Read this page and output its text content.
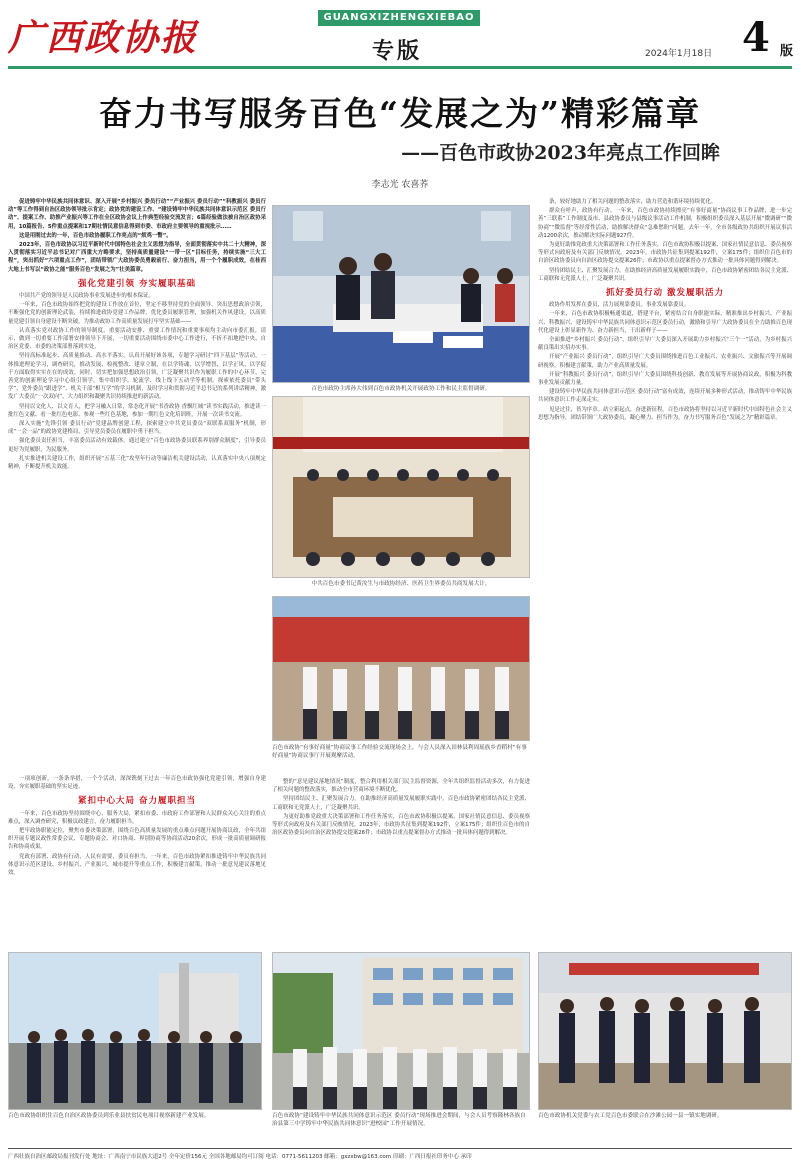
广西政协报	GUANGXIZHENGXIEBAO
专版	2024年1月18日 4 版
奋力书写服务百色“发展之为”精彩篇章
——百色市政协2023年亮点工作回眸
李志光 农喜荞

促进铸牢中华民族共同体意识、深入开展“乡村振兴 委员行动”“产业振兴 委员行动”“科教振兴 委员行动”等工作得到自治区政协领导批示肯定；政协党的建设工作、“建设铸牢中华民族共同体意识示范区 委员行动”、提案工作、助推产业振兴等工作在全区政协会议上作典型经验交流发言；6篇经验做法被自治区政协采用，10篇报告、5件重点提案和17期社情民意信息得到市委、市政府主要领导的重视批示……

这是用刚过去的一年，百色市政协履职工作亮点的“烦鸡一瞥”。

2023年，百色市政协以习近平新时代中国特色社会主义思想为指导，全面贯彻落实中共二十大精神，深入贯彻落实习近平总书记对广西重大方略要求，坚持高质量建设“一带一区”目标任务，持续实施“三大工程”，突出抓好“六项重点工作”，团结带领广大政协委员勇毅前行、奋力担当，用一个个履职成效，在桂西大地上书写以“政协之能”服务百色“发展之为”壮美篇章。

强化党建引领 夯实履职基础

中国共产党的领导是人民政协事业发展进步的根本保证。

一年来，百色市政协始终把党的建设工作放在首位，坚定不移坚持党的全面领导，突出思想政治引领，不断强化党的创新理论武装，持续推进政协党建工作品牌，优化委员履职管理，加强机关作风建设，以高质量党建引领自身建设不断突破，为推动政协工作高质量发展打牢坚实基础——

认真落实党对政协工作的领导制度，重要活动安排、重要工作情况和重要事项均主动向市委汇报，请示，做到一切重要工作部署安排领导下开展，一切重要活动围绕市委中心工作进行，不折不扣地把中央、自治区党委、市委的决策部署落到实处。

坚持高标准起步、高质量推动、高水平落实，认真开展好该各项，专题学习研讨“四下基层”等活动，一体推进理论学习，调查研究，推动发展、检视整改、建章立制，在以学铸魂、以学增智、以学正风、以学促干方面取得实实在在的成效。同时，切实把加强思想政治引领，广泛凝聚共识作为履职工作的中心环节，完善党的创新理论学习中心组引领学，集中组织学，轮流学、线上线下五动学等机制，探索依托委员“带头学”、党外委员“跟进学”、机关干部“相互学”的学习机制，及时学习和贯彻习近平总书记的系列讲话精神，激发广大委员“一次双向”，大力组织和凝聚共识持续推进的新活动。

坚持以文化人、以文育人，把学习融入日常，常态化开展“书香政协 香飘红城”读书实践活动，推进读一批红色文献、看一批红色电影、参观一些红色基地，参加一期红色文化培训班，开展一次读书交流。

深入实施“先锋引领 委员行动”党建品牌创建工程，探索建立中共党员委员“双联系双服务”机制，形成“一会一品”的政协党建格局，引导党员委员在履职中勇于担当。

强化委员责任担当，丰富委员活动有效载体。通过建立“百色市政协委员联系界别群众制度”，引导委员更好为党履职，为民服务。

扎实推进机关建设工作，组织开展“五基三化”攻坚年行动等廉洁机关建设活动，认真落实中央八项规定精神，不断提升机关效能。

一项项创新，一条条举措，一个个活动，深深镌刻下过去一年百色市政协强化党建引领，增强自身建设，夯实履职基础的坚实足迹。

紧扣中心大局 奋力履职担当

一年来，百色市政协坚持围绕中心、服务大局，紧扣市委、市政府工作部署和人民群众关心关注的重点难点，深入调查研究，积极议政建言，奋力履职担当。

把牢政协职能定位，聚焦市委决策部署，围绕百色高质量发展的重点难点问题开展协商议政，全年共组织开展专题议政性常委会议、专题协商会、对口协商、界别协商等协商活动20余次，形成一批高质量调研报告和协商成果。

党政有部署、政协有行动，人民有需要、委员有担当。一年来，百色市政协紧扣推进铸牢中华民族共同体意识示范区建设、乡村振兴、产业振兴、城市提升等重点工作，积极建言献策，推动一批意见建议落地见效。

百色市政协主席孙大伟到百色市政协机关开展政协工作和民主监督调研。
中共百色市委书记黄汝生与市政协经济、医药卫生界委员共商发展大计。
百色市政协“有事好商量”协商议事工作经验交流现场会上，与会人员深入田林县利周瑶族乡香稻村“有事好商量”协商议事厅开展观摩活动。

整的“意见建议落地情况”制度，整合利用相关部门民主监督资源，全年共组织监督活动多次，有力促进了相关问题的整改落实，推动全市营商环境不断优化。

坚持团结民主、汇聚发展合力。在助推经济高质量发展履职实践中，百色市政协紧密团结各民主党派、工商联和无党派人士，广泛凝聚共识。

为更好助推党政重大决策部署和工作任务落实，百色市政协积极以提案、国家社情民意信息、委员视察等形式向政府及有关部门反映情况。2023年，市政协共征集到提案192件，立案175件；组织住百色市的自治区政协委员向自治区政协提交提案26件；市政协以重点提案督办方式推动一批具体问题得到解决。

条，较好地助力了相关问题的整改落实，助力营造和谐环境持续优化。

群众有呼声，政协有行动。一年来，百色市政协持续擦亮“有事好商量”协商议事工作品牌，进一步完善“三联系”工作制度及市、县政协委员与县级议事活动工作机制，积极组织委员深入基层开展“微调研”“微协商”“微监督”等经常性活动，助推解决群众“急难愁盼”问题。去年一年，全市各级政协共组织开展议事活动1200余次，推动解决实际问题927件。

为更好助推党政重大决策部署和工作任务落实，百色市政协积极以提案、国家社情民意信息、委员视察等形式向政府及有关部门反映情况。2023年，市政协共征集到提案192件，立案175件；组织住百色市的自治区政协委员向自治区政协提交提案26件；市政协以重点提案督办方式推动一批具体问题得到解决。

坚持团结民主、汇聚发展合力。在助推经济高质量发展履职实践中，百色市政协紧密团结各民主党派、工商联和无党派人士，广泛凝聚共识。

抓好委员行动 激发履职活力

政协作用发挥在委员，活力展现靠委员。事业发展靠委员。

一年来，百色市政协积极畅通渠道，搭建平台，紧密结合自身职能实际，精准推出乡村振兴、产业振兴、科教振兴、建设铸牢中华民族共同体意识示范区委员行动，激励和引导广大政协委员在全力助推百色现代化建设上彰显新作为、奋力新担当，干出新样子——

全面推进“乡村振兴 委员行动”，组织引导广大委员深入开展助力乡村振兴“三个一”活动，为乡村振兴献良策出实招办实事。

开展“产业振兴 委员行动”，组织引导广大委员围绕推进百色工业振兴、农业振兴、文旅振兴等开展调研视察，积极建言献策，助力产业高质量发展。

开展“科教振兴 委员行动”，组织引导广大委员围绕科技创新、教育发展等开展协商议政，积极为科教事业发展贡献力量。

建设铸牢中华民族共同体意识示范区 委员行动”富有成效，连续开展多种形式活动，推动铸牢中华民族共同体意识工作走深走实。

见是过往，皆为序章。站立新起点，奋进新征程。百色市政协将坚持以习近平新时代中国特色社会主义思想为指导，团结带领广大政协委员，凝心聚力、担当作为，奋力书写服务百色“发展之为”精彩篇章。

百色市政协组织住百色自治区政协委员到乐业县扶贫民电项目视察新建产业发展。	百色市政协“建设铸牢中华民族共同体意识示范区 委员行动”现场推进会期间，与会人员考察隆林各族自治县第三中学铸牢中华民族共同体意识“进校园”工作开展情况。
百色市政协机关党委与农工党百色市委联合在沙滩公园一县一镇实地调研。
广西壮族自治区邮政局报刊发行处 地址：广西南宁市民族大道2号 全年定价156元 全国各地邮局均可订阅 电话：0771-5611203 邮箱：gxzxbw@163.com 印刷：广西日报社印务中心 承印
